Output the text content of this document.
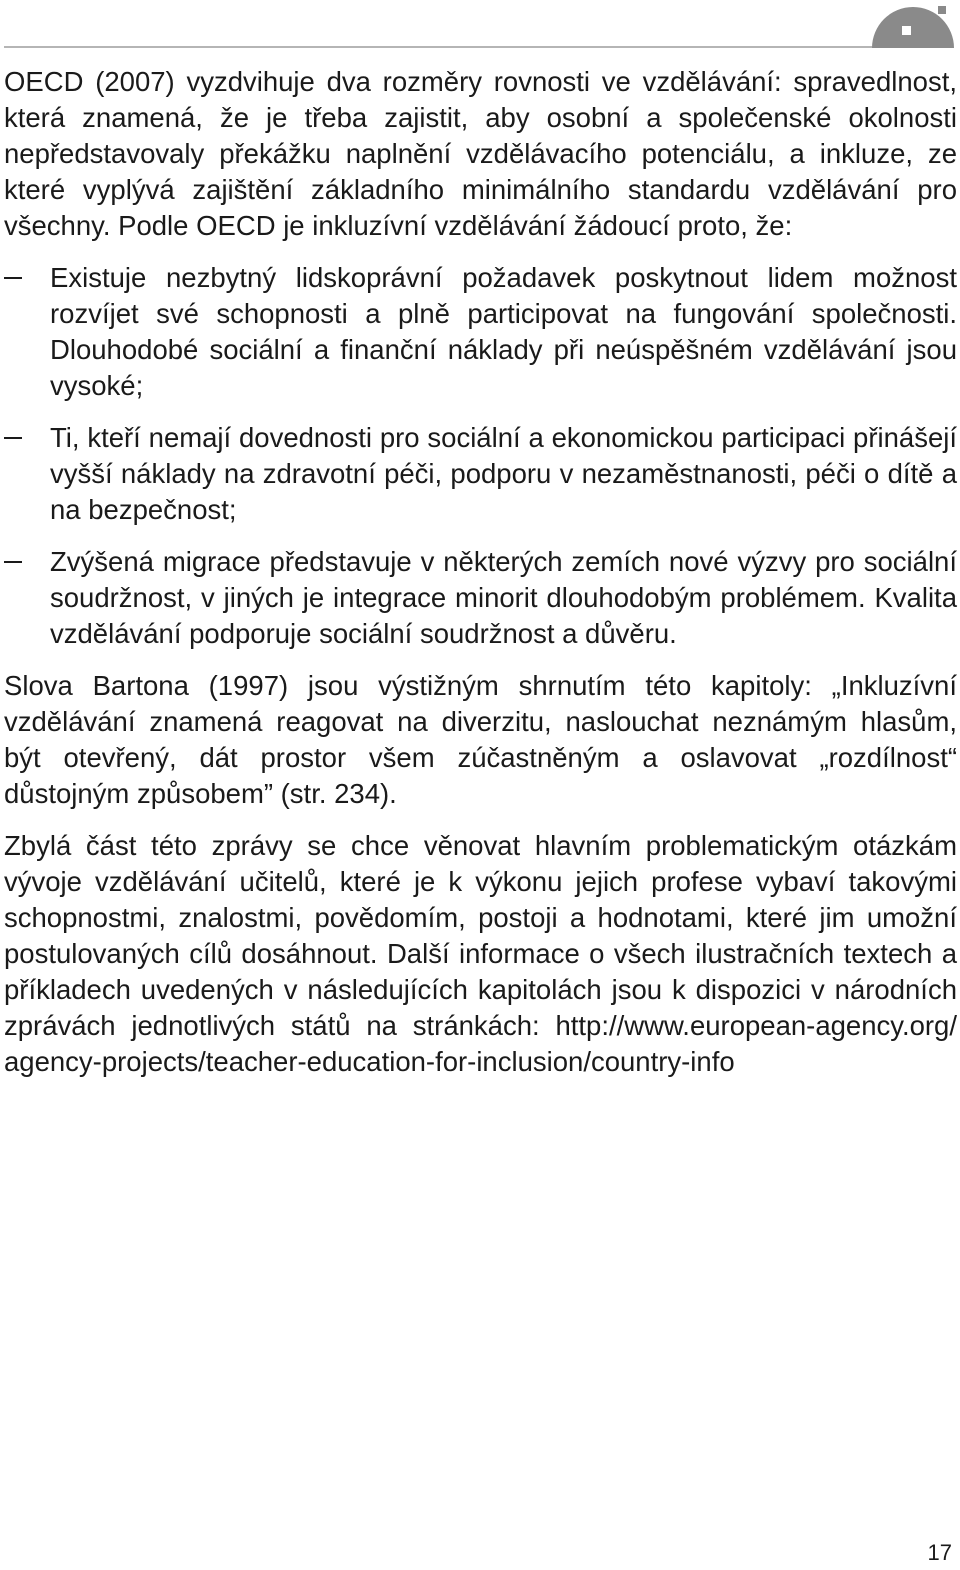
OECD (2007) vyzdvihuje dva rozměry rovnosti ve vzdělávání: spravedlnost, která znamená, že je třeba zajistit, aby osobní a společenské okolnosti nepředstavovaly překážku naplnění vzdělávacího potenciálu, a inkluze, ze které vyplývá zajištění základního minimálního standardu vzdělávání pro všechny. Podle OECD je inkluzívní vzdělávání žádoucí proto, že:

Existuje nezbytný lidskoprávní požadavek poskytnout lidem možnost rozvíjet své schopnosti a plně participovat na fungování společnosti. Dlouhodobé sociální a finanční náklady při neúspěšném vzdělávání jsou vysoké;
Ti, kteří nemají dovednosti pro sociální a ekonomickou participaci přinášejí vyšší náklady na zdravotní péči, podporu v nezaměstnanosti, péči o dítě a na bezpečnost;
Zvýšená migrace představuje v některých zemích nové výzvy pro sociální soudržnost, v jiných je integrace minorit dlouhodobým problémem. Kvalita vzdělávání podporuje sociální soudržnost a důvěru.

Slova Bartona (1997) jsou výstižným shrnutím této kapitoly: „Inkluzívní vzdělávání znamená reagovat na diverzitu, naslouchat neznámým hlasům, být otevřený, dát prostor všem zúčastněným a oslavovat „rozdílnost“ důstojným způsobem” (str. 234).

Zbylá část této zprávy se chce věnovat hlavním problematickým otázkám vývoje vzdělávání učitelů, které je k výkonu jejich profese vybaví takovými schopnostmi, znalostmi, povědomím, postoji a hodnotami, které jim umožní postulovaných cílů dosáhnout. Další informace o všech ilustračních textech a příkladech uvedených v následujících kapitolách jsou k dispozici v národních zprávách jednotlivých států na stránkách: http://www.european-agency.org/ agency-projects/teacher-education-for-inclusion/country-info

17
